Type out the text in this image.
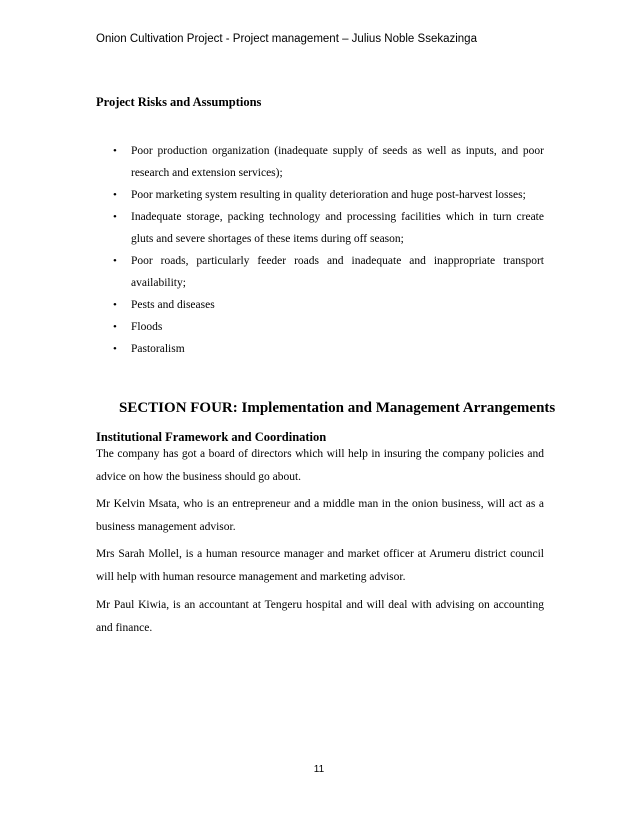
Onion Cultivation Project - Project management – Julius Noble Ssekazinga
Project Risks and Assumptions
• Poor production organization (inadequate supply of seeds as well as inputs, and poor research and extension services);
• Poor marketing system resulting in quality deterioration and huge post-harvest losses;
• Inadequate storage, packing technology and processing facilities which in turn create gluts and severe shortages of these items during off season;
• Poor roads, particularly feeder roads and inadequate and inappropriate transport availability;
• Pests and diseases
• Floods
• Pastoralism
SECTION FOUR: Implementation and Management Arrangements
Institutional Framework and Coordination

The company has got a board of directors which will help in insuring the company policies and advice on how the business should go about.

Mr Kelvin Msata, who is an entrepreneur and a middle man in the onion business, will act as a business management advisor.

Mrs Sarah Mollel, is a human resource manager and market officer at Arumeru district council will help with human resource management and marketing advisor.

Mr Paul Kiwia, is an accountant at Tengeru hospital and will deal with advising on accounting and finance.

11
